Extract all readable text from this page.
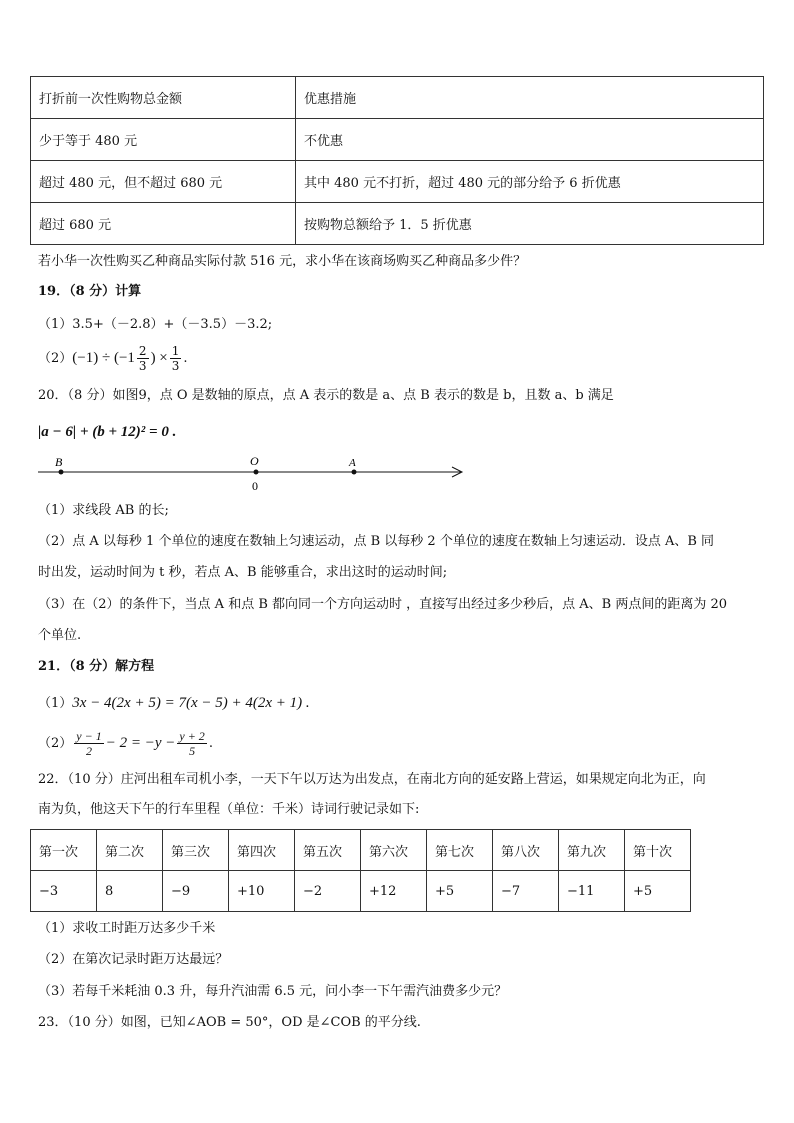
打折前一次性购物总金额	优惠措施
少于等于 480 元	不优惠
超过 480 元，但不超过 680 元	其中 480 元不打折，超过 480 元的部分给予 6 折优惠
超过 680 元	按购物总额给予 1．5 折优惠
若小华一次性购买乙种商品实际付款 516 元，求小华在该商场购买乙种商品多少件？
19．（8 分）计算
（1）3.5+（－2.8）+（－3.5）－3.2;
$(2)(-1) \div (-1 \frac{2}{3}$ ) × $\frac{1}{3}$ .
20．（8 分）如图9，点 O 是数轴的原点，点 A 表示的数是 a、点 B 表示的数是 b，且数 a、b 满足
|a − 6| + (b + 12)² = 0 .
B	O	A
0
（1）求线段 AB 的长;
（2）点 A 以每秒 1 个单位的速度在数轴上匀速运动，点 B 以每秒 2 个单位的速度在数轴上匀速运动．设点 A、B 同
时出发，运动时间为 t 秒，若点 A、B 能够重合，求出这时的运动时间;
（3）在（2）的条件下，当点 A 和点 B 都向同一个方向运动时 ，直接写出经过多少秒后，点 A、B 两点间的距离为 20
个单位.
21．（8 分）解方程
（1）3x − 4(2x + 5) = 7(x − 5) + 4(2x + 1) .
$(2) \frac{y - 1}{2} - 2 = -y - \frac{y + 2}{5}$ .
22．（10 分）庄河出租车司机小李，一天下午以万达为出发点，在南北方向的延安路上营运，如果规定向北为正，向
南为负，他这天下午的行车里程（单位：千米）诗词行驶记录如下:
第一次	第二次	第三次	第四次	第五次	第六次	第七次	第八次	第九次	第十次
−3	8	−9	+10	−2	+12	+5	−7	−11	+5
（1）求收工时距万达多少千米
（2）在第次记录时距万达最远？
（3）若每千米耗油 0.3 升，每升汽油需 6.5 元，问小李一下午需汽油费多少元？
23．（10 分）如图，已知∠AOB = 50°，OD 是∠COB 的平分线.
